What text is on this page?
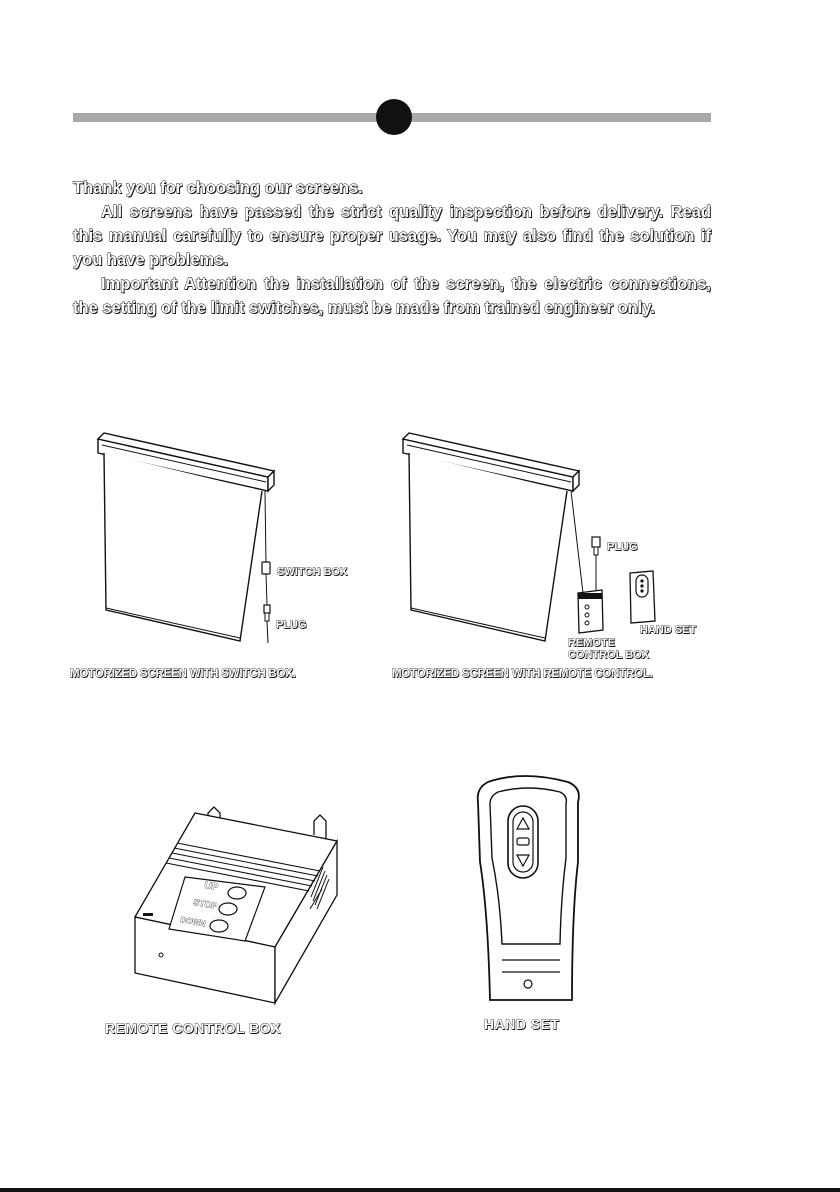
Thank you for choosing our screens.

All screens have passed the strict quality inspection before delivery. Read this manual carefully to ensure proper usage. You may also find the solution if you have problems.

Important Attention the installation of the screen, the electric connections, the setting of the limit switches, must be made from trained engineer only.

SWITCH BOX
PLUG
MOTORIZED SCREEN WITH SWITCH BOX.
PLUG
HAND SET
REMOTE
CONTROL BOX
MOTORIZED SCREEN WITH REMOTE CONTROL.
UP
STOP
DOWN
REMOTE CONTROL BOX	HAND SET
